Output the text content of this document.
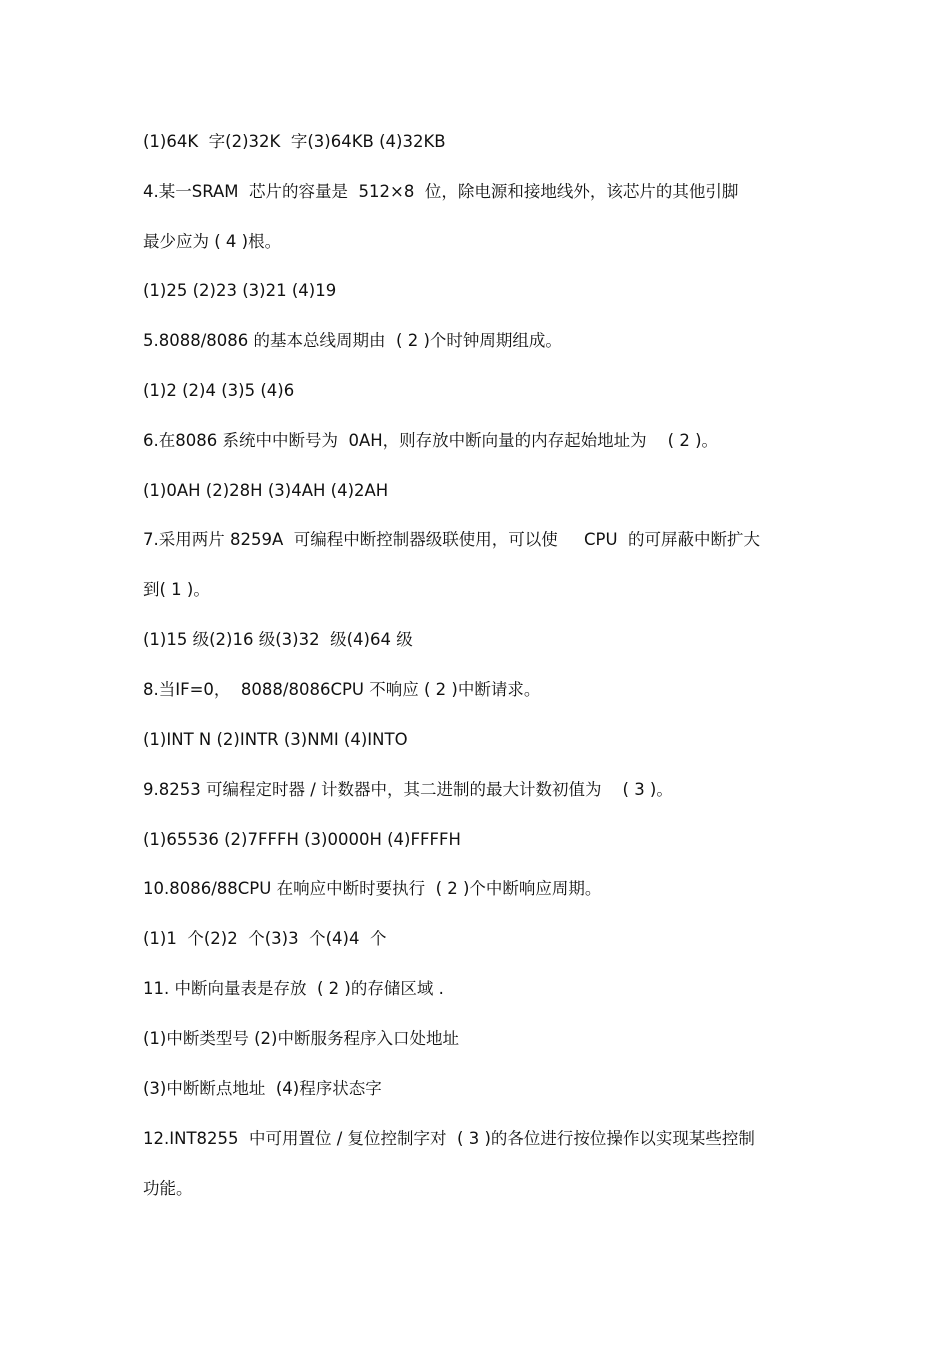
(1)64K  字(2)32K  字(3)64KB (4)32KB
4.某一SRAM  芯片的容量是  512×8  位，除电源和接地线外，该芯片的其他引脚
最少应为 ( 4 )根。
(1)25 (2)23 (3)21 (4)19
5.8088/8086 的基本总线周期由  ( 2 )个时钟周期组成。
(1)2 (2)4 (3)5 (4)6
6.在8086 系统中中断号为  0AH，则存放中断向量的内存起始地址为    ( 2 )。
(1)0AH (2)28H (3)4AH (4)2AH
7.采用两片 8259A  可编程中断控制器级联使用，可以使     CPU  的可屏蔽中断扩大
到( 1 )。
(1)15 级(2)16 级(3)32  级(4)64 级
8.当IF=0，  8088/8086CPU 不响应 ( 2 )中断请求。
(1)INT N (2)INTR (3)NMI (4)INTO
9.8253 可编程定时器 / 计数器中，其二进制的最大计数初值为    ( 3 )。
(1)65536 (2)7FFFH (3)0000H (4)FFFFH
10.8086/88CPU 在响应中断时要执行  ( 2 )个中断响应周期。
(1)1  个(2)2  个(3)3  个(4)4  个
11. 中断向量表是存放  ( 2 )的存储区域 .
(1)中断类型号 (2)中断服务程序入口处地址
(3)中断断点地址  (4)程序状态字
12.INT8255  中可用置位 / 复位控制字对  ( 3 )的各位进行按位操作以实现某些控制
功能。
